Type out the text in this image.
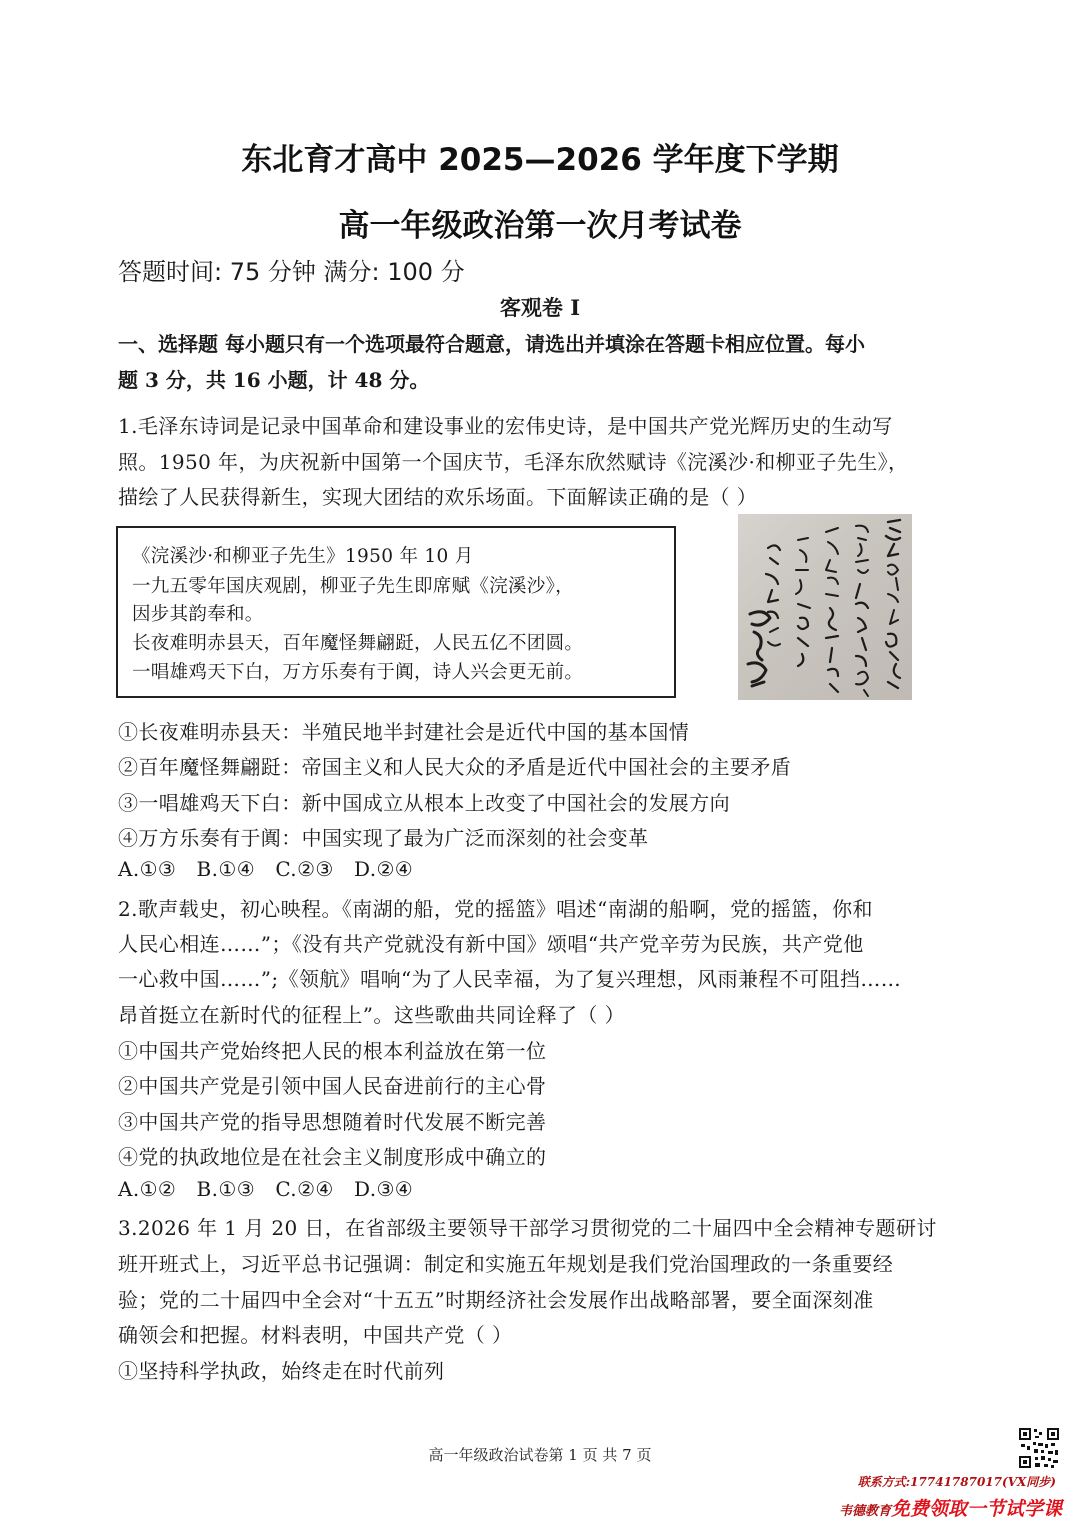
东北育才高中 2025—2026 学年度下学期
高一年级政治第一次月考试卷
答题时间: 75 分钟 满分: 100 分
客观卷 I
一、选择题 每小题只有一个选项最符合题意，请选出并填涂在答题卡相应位置。每小
题 3 分，共 16 小题，计 48 分。
1.毛泽东诗词是记录中国革命和建设事业的宏伟史诗，是中国共产党光辉历史的生动写
照。1950 年，为庆祝新中国第一个国庆节，毛泽东欣然赋诗《浣溪沙·和柳亚子先生》，
描绘了人民获得新生，实现大团结的欢乐场面。下面解读正确的是（ ）
《浣溪沙·和柳亚子先生》1950 年 10 月
一九五零年国庆观剧，柳亚子先生即席赋《浣溪沙》，
因步其韵奉和。
长夜难明赤县天，百年魔怪舞翩跹，人民五亿不团圆。
一唱雄鸡天下白，万方乐奏有于阗，诗人兴会更无前。
①长夜难明赤县天：半殖民地半封建社会是近代中国的基本国情
②百年魔怪舞翩跹：帝国主义和人民大众的矛盾是近代中国社会的主要矛盾
③一唱雄鸡天下白：新中国成立从根本上改变了中国社会的发展方向
④万方乐奏有于阗：中国实现了最为广泛而深刻的社会变革
A.①③   B.①④   C.②③   D.②④
2.歌声载史，初心映程。《南湖的船，党的摇篮》唱述“南湖的船啊，党的摇篮，你和
人民心相连……”；《没有共产党就没有新中国》颂唱“共产党辛劳为民族，共产党他
一心救中国……”;《领航》唱响“为了人民幸福，为了复兴理想，风雨兼程不可阻挡……
昂首挺立在新时代的征程上”。这些歌曲共同诠释了（ ）
①中国共产党始终把人民的根本利益放在第一位
②中国共产党是引领中国人民奋进前行的主心骨
③中国共产党的指导思想随着时代发展不断完善
④党的执政地位是在社会主义制度形成中确立的
A.①②   B.①③   C.②④   D.③④
3.2026 年 1 月 20 日，在省部级主要领导干部学习贯彻党的二十届四中全会精神专题研讨
班开班式上，习近平总书记强调：制定和实施五年规划是我们党治国理政的一条重要经
验；党的二十届四中全会对“十五五”时期经济社会发展作出战略部署，要全面深刻准
确领会和把握。材料表明，中国共产党（ ）
①坚持科学执政，始终走在时代前列
高一年级政治试卷第 1 页 共 7 页
联系方式:17741787017(VX同步)
韦德教育免费领取一节试学课
